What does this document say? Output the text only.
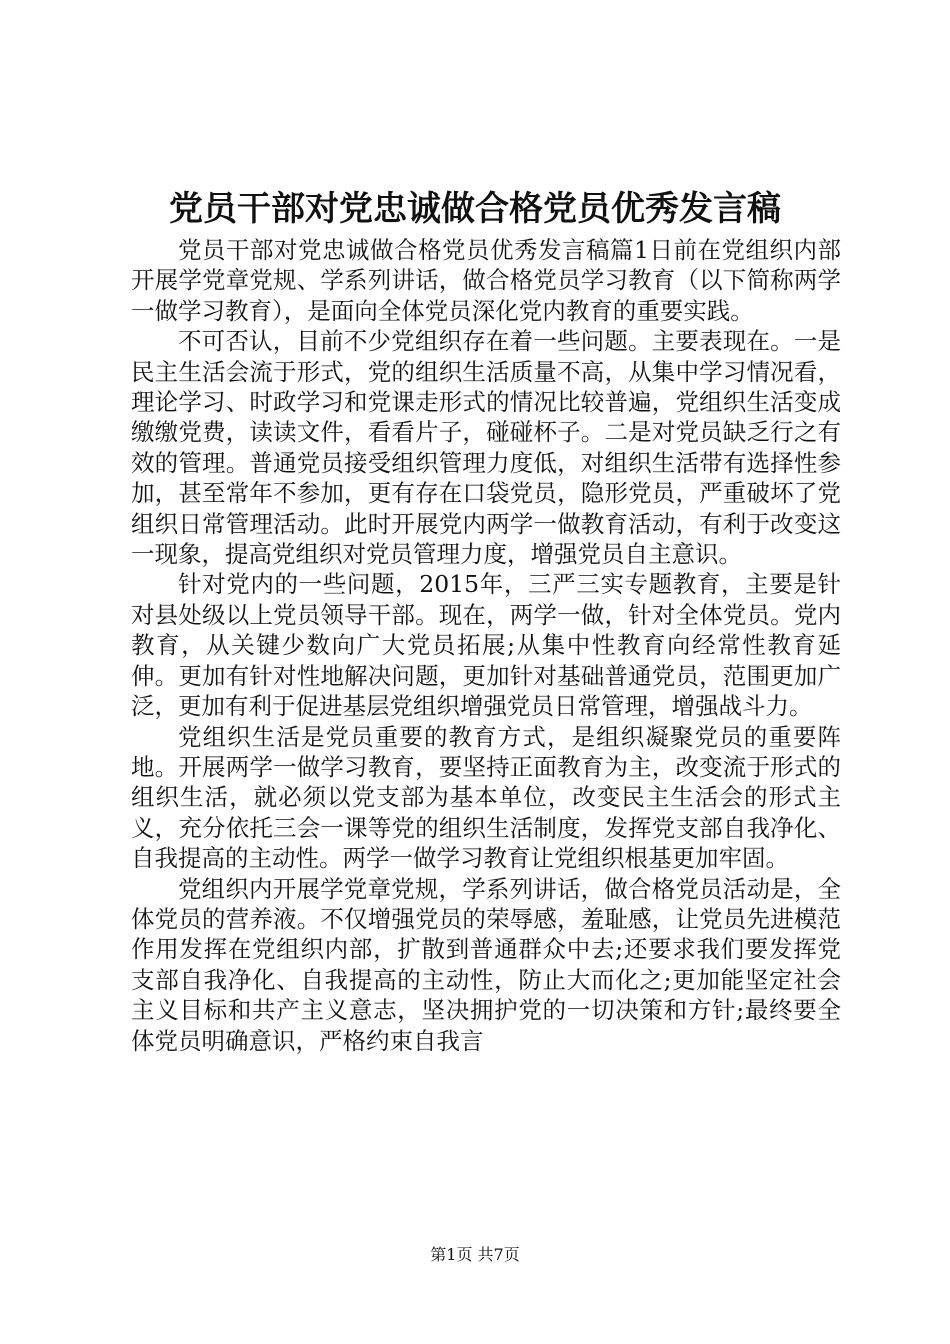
党员干部对党忠诚做合格党员优秀发言稿

党员干部对党忠诚做合格党员优秀发言稿篇1日前在党组织内部开展学党章党规、学系列讲话，做合格党员学习教育（以下简称两学一做学习教育），是面向全体党员深化党内教育的重要实践。

不可否认，目前不少党组织存在着一些问题。主要表现在。一是民主生活会流于形式，党的组织生活质量不高，从集中学习情况看，理论学习、时政学习和党课走形式的情况比较普遍，党组织生活变成缴缴党费，读读文件，看看片子，碰碰杯子。二是对党员缺乏行之有效的管理。普通党员接受组织管理力度低，对组织生活带有选择性参加，甚至常年不参加，更有存在口袋党员，隐形党员，严重破坏了党组织日常管理活动。此时开展党内两学一做教育活动，有利于改变这一现象，提高党组织对党员管理力度，增强党员自主意识。

针对党内的一些问题，2015年，三严三实专题教育，主要是针对县处级以上党员领导干部。现在，两学一做，针对全体党员。党内教育，从关键少数向广大党员拓展;从集中性教育向经常性教育延伸。更加有针对性地解决问题，更加针对基础普通党员，范围更加广泛，更加有利于促进基层党组织增强党员日常管理，增强战斗力。

党组织生活是党员重要的教育方式，是组织凝聚党员的重要阵地。开展两学一做学习教育，要坚持正面教育为主，改变流于形式的组织生活，就必须以党支部为基本单位，改变民主生活会的形式主义，充分依托三会一课等党的组织生活制度，发挥党支部自我净化、自我提高的主动性。两学一做学习教育让党组织根基更加牢固。

党组织内开展学党章党规，学系列讲话，做合格党员活动是，全体党员的营养液。不仅增强党员的荣辱感，羞耻感，让党员先进模范作用发挥在党组织内部，扩散到普通群众中去;还要求我们要发挥党支部自我净化、自我提高的主动性，防止大而化之;更加能坚定社会主义目标和共产主义意志，坚决拥护党的一切决策和方针;最终要全体党员明确意识，严格约束自我言

第1页 共7页
